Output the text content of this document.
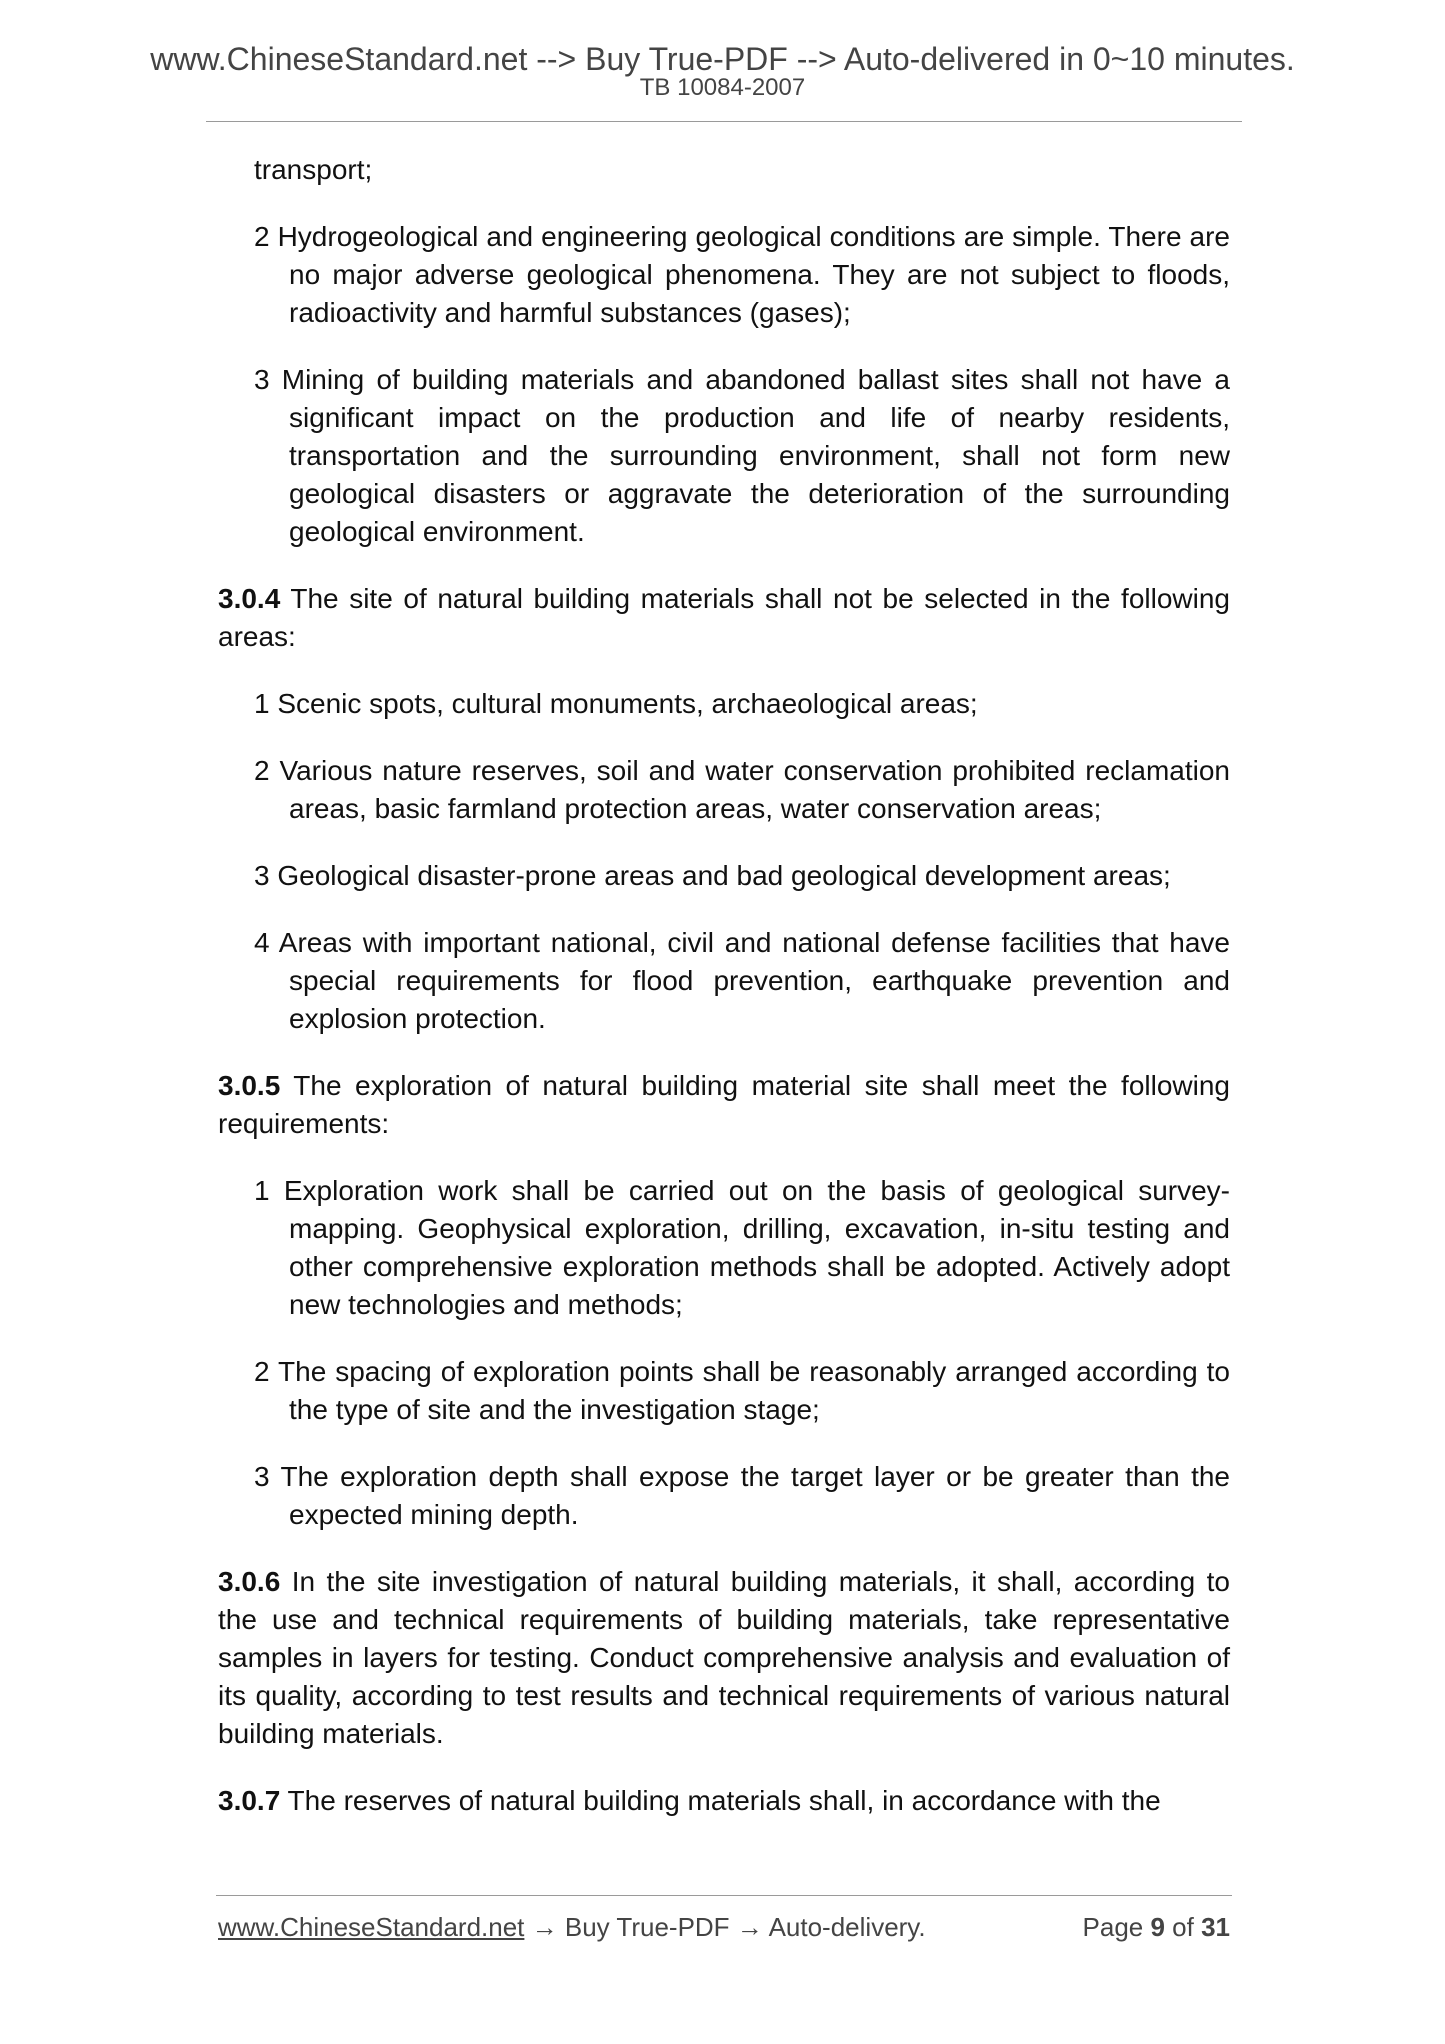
www.ChineseStandard.net --> Buy True-PDF --> Auto-delivered in 0~10 minutes.
TB 10084-2007

transport;

2 Hydrogeological and engineering geological conditions are simple. There are no major adverse geological phenomena. They are not subject to floods, radioactivity and harmful substances (gases);

3 Mining of building materials and abandoned ballast sites shall not have a significant impact on the production and life of nearby residents, transportation and the surrounding environment, shall not form new geological disasters or aggravate the deterioration of the surrounding geological environment.

3.0.4 The site of natural building materials shall not be selected in the following areas:

1 Scenic spots, cultural monuments, archaeological areas;

2 Various nature reserves, soil and water conservation prohibited reclamation areas, basic farmland protection areas, water conservation areas;

3 Geological disaster-prone areas and bad geological development areas;

4 Areas with important national, civil and national defense facilities that have special requirements for flood prevention, earthquake prevention and explosion protection.

3.0.5 The exploration of natural building material site shall meet the following requirements:

1 Exploration work shall be carried out on the basis of geological survey-mapping. Geophysical exploration, drilling, excavation, in-situ testing and other comprehensive exploration methods shall be adopted. Actively adopt new technologies and methods;

2 The spacing of exploration points shall be reasonably arranged according to the type of site and the investigation stage;

3 The exploration depth shall expose the target layer or be greater than the expected mining depth.

3.0.6 In the site investigation of natural building materials, it shall, according to the use and technical requirements of building materials, take representative samples in layers for testing. Conduct comprehensive analysis and evaluation of its quality, according to test results and technical requirements of various natural building materials.

3.0.7 The reserves of natural building materials shall, in accordance with the

www.ChineseStandard.net → Buy True-PDF → Auto-delivery.	Page 9 of 31
